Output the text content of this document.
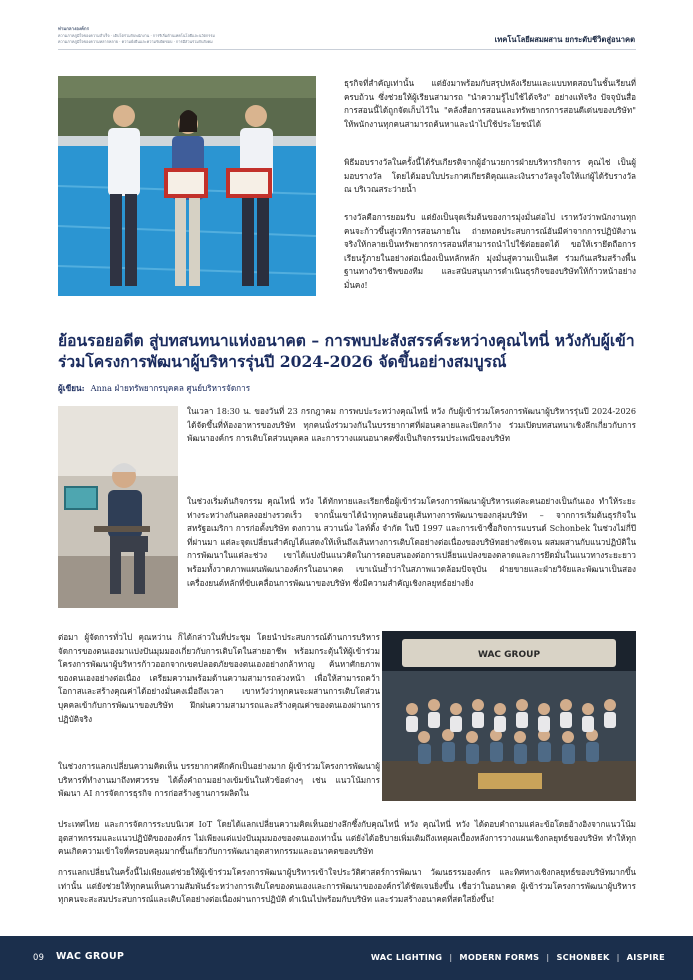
ท่ามกลางองค์กร
ความภาคภูมิใจของความสำเร็จ · เติบโตร่วมกับพนักงาน · การริเริ่มด้านเทคโนโลยีและนวัตกรรม
ความภาคภูมิใจของความหลากหลาย · ความยั่งยืนและความรับผิดชอบ · การมีส่วนร่วมกับสังคม	เทคโนโลยีผสมผสาน ยกระดับชีวิตสู่อนาคต
ธุรกิจที่สำคัญเท่านั้น แต่ยังมาพร้อมกับสรุปหลังเรียนและแบบทดสอบในชั้นเรียนที่ครบถ้วน ซึ่งช่วยให้ผู้เรียนสามารถ "นำความรู้ไปใช้ได้จริง" อย่างแท้จริง ปัจจุบันสื่อการสอนนี้ได้ถูกจัดเก็บไว้ใน "คลังสื่อการสอนและทรัพยากรการสอนดีเด่นของบริษัท" ให้พนักงานทุกคนสามารถค้นหาและนำไปใช้ประโยชน์ได้
พิธีมอบรางวัลในครั้งนี้ได้รับเกียรติจากผู้อำนวยการฝ่ายบริหารกิจการ คุณไช่ เป็นผู้มอบรางวัล โดยได้มอบใบประกาศเกียรติคุณและเงินรางวัลจูงใจให้แก่ผู้ได้รับรางวัล ณ บริเวณสระว่ายน้ำ
รางวัลคือการยอมรับ แต่ยังเป็นจุดเริ่มต้นของการมุ่งมั่นต่อไป เราหวังว่าพนักงานทุกคนจะก้าวขึ้นสู่เวทีการสอนภายใน ถ่ายทอดประสบการณ์อันมีค่าจากการปฏิบัติงานจริงให้กลายเป็นทรัพยากรการสอนที่สามารถนำไปใช้ต่อยอดได้ ขอให้เรายึดถือการเรียนรู้ภายในอย่างต่อเนื่องเป็นหลักหลัก มุ่งมั่นสู่ความเป็นเลิศ ร่วมกันเสริมสร้างพื้นฐานทางวิชาชีพของทีม และสนับสนุนการดำเนินธุรกิจของบริษัทให้ก้าวหน้าอย่างมั่นคง!
ย้อนรอยอดีต สู่บทสนทนาแห่งอนาคต – การพบปะสังสรรค์ระหว่างคุณไทนี่ หวังกับผู้เข้าร่วมโครงการพัฒนาผู้บริหารรุ่นปี 2024-2026 จัดขึ้นอย่างสมบูรณ์
ผู้เขียน: Anna ฝ่ายทรัพยากรบุคคล ศูนย์บริหารจัดการ
ในเวลา 18:30 น. ของวันที่ 23 กรกฎาคม การพบปะระหว่างคุณไทนี่ หวัง กับผู้เข้าร่วมโครงการพัฒนาผู้บริหารรุ่นปี 2024-2026 ได้จัดขึ้นที่ห้องอาหารของบริษัท ทุกคนนั่งร่วมวงกันในบรรยากาศที่ผ่อนคลายและเปิดกว้าง ร่วมเปิดบทสนทนาเชิงลึกเกี่ยวกับการพัฒนาองค์กร การเติบโตส่วนบุคคล และการวางแผนอนาคตซึ่งเป็นกิจกรรมประเพณีของบริษัท
ในช่วงเริ่มต้นกิจกรรม คุณไทนี่ หวัง ได้ทักทายและเรียกชื่อผู้เข้าร่วมโครงการพัฒนาผู้บริหารแต่ละคนอย่างเป็นกันเอง ทำให้ระยะห่างระหว่างกันลดลงอย่างรวดเร็ว จากนั้นเขาได้นำทุกคนย้อนดูเส้นทางการพัฒนาของกลุ่มบริษัท – จากการเริ่มต้นธุรกิจในสหรัฐอเมริกา การก่อตั้งบริษัท ดงกวาน สวานนิ่ง ไลท์ติ้ง จำกัด ในปี 1997 และการเข้าซื้อกิจการแบรนด์ Schonbek ในช่วงไม่กี่ปีที่ผ่านมา แต่ละจุดเปลี่ยนสำคัญได้แสดงให้เห็นถึงเส้นทางการเติบโตอย่างต่อเนื่องของบริษัทอย่างชัดเจน ผสมผสานกับแนวปฏิบัติในการพัฒนาในแต่ละช่วง เขาได้แบ่งปันแนวคิดในการตอบสนองต่อการเปลี่ยนแปลงของตลาดและการยึดมั่นในแนวทางระยะยาว พร้อมทั้งวาดภาพแผนพัฒนาองค์กรในอนาคต เขาเน้นย้ำว่าในสภาพแวดล้อมปัจจุบัน ฝ่ายขายและฝ่ายวิจัยและพัฒนาเป็นสองเครื่องยนต์หลักที่ขับเคลื่อนการพัฒนาของบริษัท ซึ่งมีความสำคัญเชิงกลยุทธ์อย่างยิ่ง
ต่อมา ผู้จัดการทั่วไป คุณหว่าน ก็ได้กล่าวในที่ประชุม โดยนำประสบการณ์ด้านการบริหารจัดการของตนเองมาแบ่งปันมุมมองเกี่ยวกับการเติบโตในสายอาชีพ พร้อมกระตุ้นให้ผู้เข้าร่วมโครงการพัฒนาผู้บริหารก้าวออกจากเขตปลอดภัยของตนเองอย่างกล้าหาญ ค้นหาศักยภาพของตนเองอย่างต่อเนื่อง เตรียมความพร้อมด้านความสามารถล่วงหน้า เพื่อให้สามารถคว้าโอกาสและสร้างคุณค่าได้อย่างมั่นคงเมื่อถึงเวลา เขาหวังว่าทุกคนจะผสานการเติบโตส่วนบุคคลเข้ากับการพัฒนาของบริษัท ฝึกฝนความสามารถและสร้างคุณค่าของตนเองผ่านการปฏิบัติจริง
ในช่วงการแลกเปลี่ยนความคิดเห็น บรรยากาศคึกคักเป็นอย่างมาก ผู้เข้าร่วมโครงการพัฒนาผู้บริหารที่ทำงานมาถึงทศวรรษ ได้ตั้งคำถามอย่างเข้มข้นในหัวข้อต่างๆ เช่น แนวโน้มการพัฒนา AI การจัดการธุรกิจ การก่อสร้างฐานการผลิตใน
WAC GROUP
ประเทศไทย และการจัดการระบบนิเวศ IoT โดยได้แลกเปลี่ยนความคิดเห็นอย่างลึกซึ้งกับคุณไทนี่ หวัง คุณไทนี่ หวัง ได้ตอบคำถามแต่ละข้อโดยอ้างอิงจากแนวโน้มอุตสาหกรรมและแนวปฏิบัติขององค์กร ไม่เพียงแต่แบ่งปันมุมมองของตนเองเท่านั้น แต่ยังได้อธิบายเพิ่มเติมถึงเหตุผลเบื้องหลังการวางแผนเชิงกลยุทธ์ของบริษัท ทำให้ทุกคนเกิดความเข้าใจที่ครอบคลุมมากขึ้นเกี่ยวกับการพัฒนาอุตสาหกรรมและอนาคตของบริษัท
การแลกเปลี่ยนในครั้งนี้ไม่เพียงแต่ช่วยให้ผู้เข้าร่วมโครงการพัฒนาผู้บริหารเข้าใจประวัติศาสตร์การพัฒนา วัฒนธรรมองค์กร และทิศทางเชิงกลยุทธ์ของบริษัทมากขึ้นเท่านั้น แต่ยังช่วยให้ทุกคนเห็นความสัมพันธ์ระหว่างการเติบโตของตนเองและการพัฒนาขององค์กรได้ชัดเจนยิ่งขึ้น เชื่อว่าในอนาคต ผู้เข้าร่วมโครงการพัฒนาผู้บริหารทุกคนจะสะสมประสบการณ์และเติบโตอย่างต่อเนื่องผ่านการปฏิบัติ ดำเนินไปพร้อมกับบริษัท และร่วมสร้างอนาคตที่สดใสยิ่งขึ้น!
09 WAC GROUP	WAC LIGHTING | MODERN FORMS | SCHONBEK | AISPIRE
